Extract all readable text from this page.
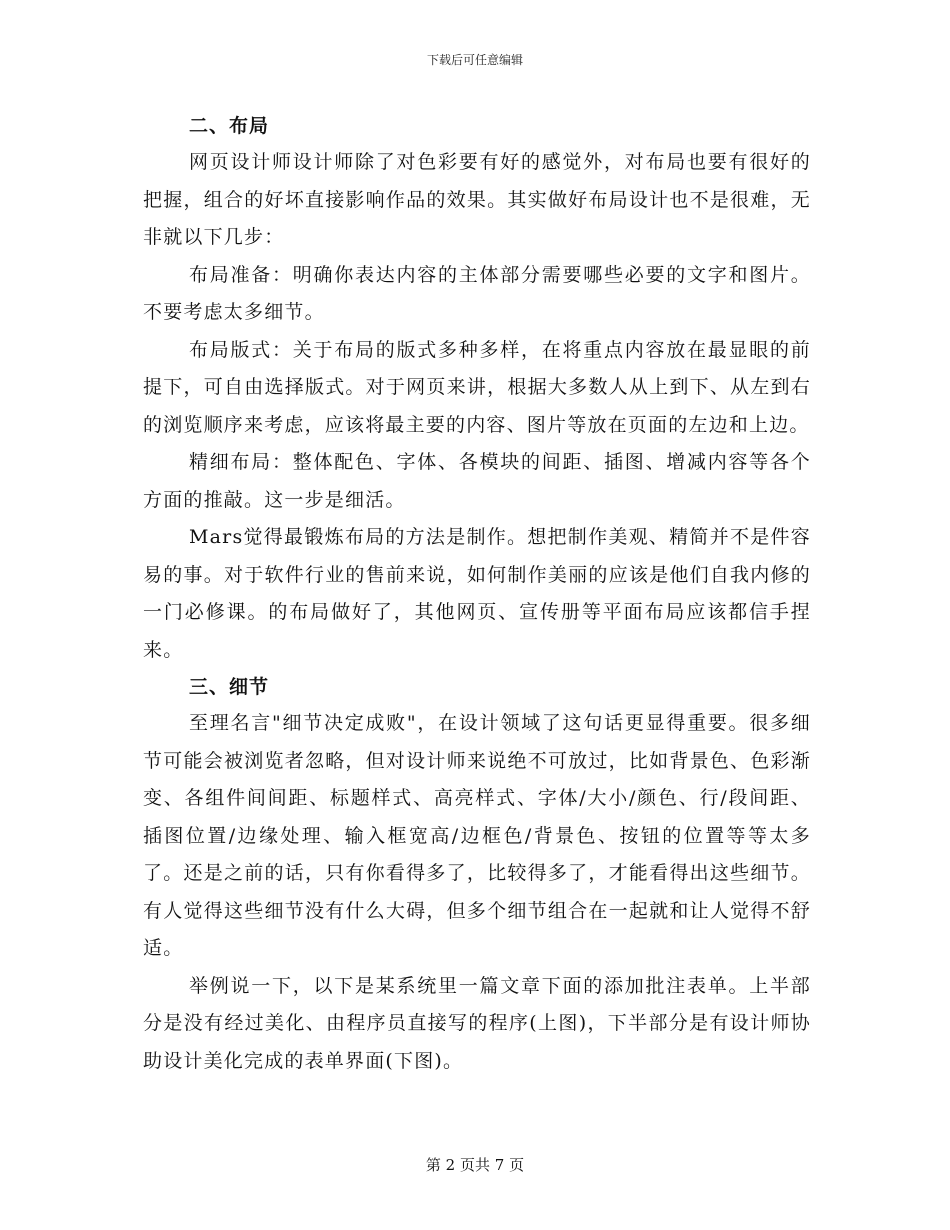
下载后可任意编辑
二、布局

网页设计师设计师除了对色彩要有好的感觉外，对布局也要有很好的把握，组合的好坏直接影响作品的效果。其实做好布局设计也不是很难，无非就以下几步：

布局准备：明确你表达内容的主体部分需要哪些必要的文字和图片。不要考虑太多细节。

布局版式：关于布局的版式多种多样，在将重点内容放在最显眼的前提下，可自由选择版式。对于网页来讲，根据大多数人从上到下、从左到右的浏览顺序来考虑，应该将最主要的内容、图片等放在页面的左边和上边。

精细布局：整体配色、字体、各模块的间距、插图、增减内容等各个方面的推敲。这一步是细活。

Mars觉得最锻炼布局的方法是制作。想把制作美观、精简并不是件容易的事。对于软件行业的售前来说，如何制作美丽的应该是他们自我内修的一门必修课。的布局做好了，其他网页、宣传册等平面布局应该都信手捏来。

三、细节

至理名言"细节决定成败"，在设计领域了这句话更显得重要。很多细节可能会被浏览者忽略，但对设计师来说绝不可放过，比如背景色、色彩渐变、各组件间间距、标题样式、高亮样式、字体/大小/颜色、行/段间距、插图位置/边缘处理、输入框宽高/边框色/背景色、按钮的位置等等太多了。还是之前的话，只有你看得多了，比较得多了，才能看得出这些细节。有人觉得这些细节没有什么大碍，但多个细节组合在一起就和让人觉得不舒适。

举例说一下，以下是某系统里一篇文章下面的添加批注表单。上半部分是没有经过美化、由程序员直接写的程序(上图)，下半部分是有设计师协助设计美化完成的表单界面(下图)。

第 2 页共 7 页
